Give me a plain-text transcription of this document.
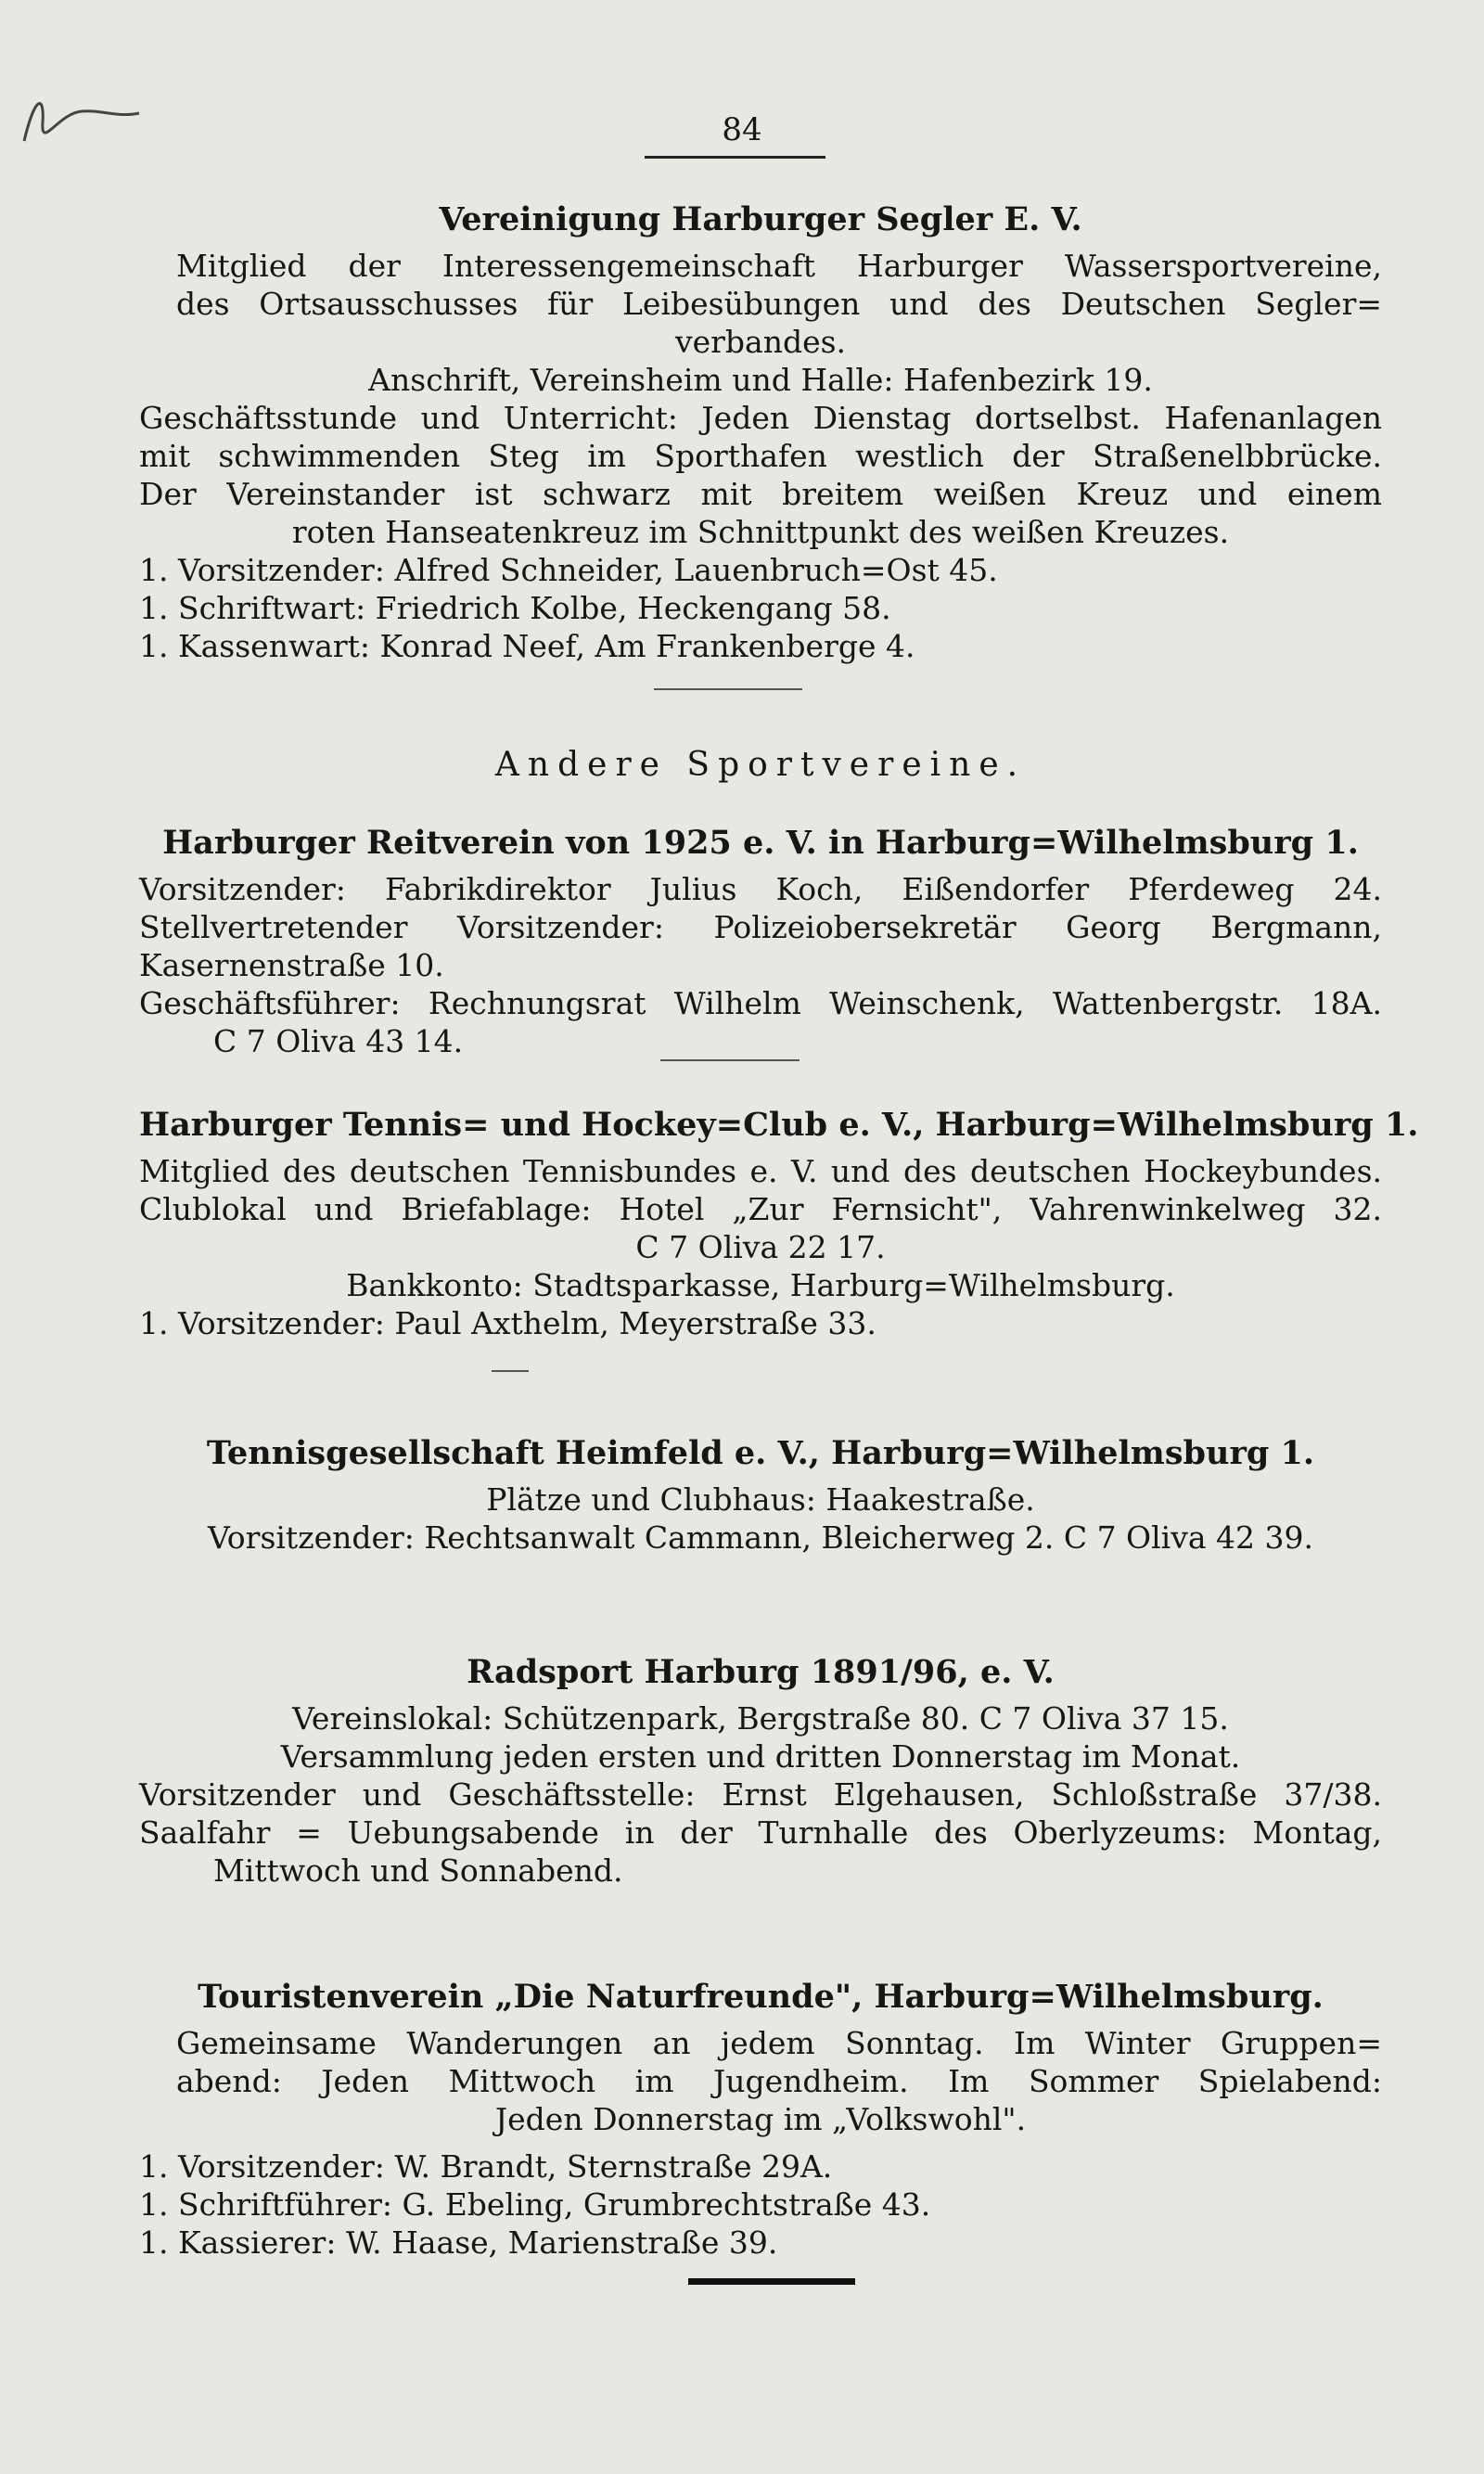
84
Vereinigung Harburger Segler E. V.
Mitglied der Interessengemeinschaft Harburger Wassersportvereine,
des Ortsausschusses für Leibesübungen und des Deutschen Segler=
verbandes.
Anschrift, Vereinsheim und Halle: Hafenbezirk 19.
Geschäftsstunde und Unterricht: Jeden Dienstag dortselbst. Hafenanlagen
mit schwimmenden Steg im Sporthafen westlich der Straßenelbbrücke.
Der Vereinstander ist schwarz mit breitem weißen Kreuz und einem
roten Hanseatenkreuz im Schnittpunkt des weißen Kreuzes.
1. Vorsitzender: Alfred Schneider, Lauenbruch=Ost 45.
1. Schriftwart: Friedrich Kolbe, Heckengang 58.
1. Kassenwart: Konrad Neef, Am Frankenberge 4.
Andere Sportvereine.
Harburger Reitverein von 1925 e. V. in Harburg=Wilhelmsburg 1.
Vorsitzender: Fabrikdirektor Julius Koch, Eißendorfer Pferdeweg 24.
Stellvertretender Vorsitzender: Polizeiobersekretär Georg Bergmann,
Kasernenstraße 10.
Geschäftsführer: Rechnungsrat Wilhelm Weinschenk, Wattenbergstr. 18A.
C 7 Oliva 43 14.
Harburger Tennis= und Hockey=Club e. V., Harburg=Wilhelmsburg 1.
Mitglied des deutschen Tennisbundes e. V. und des deutschen Hockeybundes.
Clublokal und Briefablage: Hotel „Zur Fernsicht", Vahrenwinkelweg 32.
C 7 Oliva 22 17.
Bankkonto: Stadtsparkasse, Harburg=Wilhelmsburg.
1. Vorsitzender: Paul Axthelm, Meyerstraße 33.
Tennisgesellschaft Heimfeld e. V., Harburg=Wilhelmsburg 1.
Plätze und Clubhaus: Haakestraße.
Vorsitzender: Rechtsanwalt Cammann, Bleicherweg 2. C 7 Oliva 42 39.
Radsport Harburg 1891/96, e. V.
Vereinslokal: Schützenpark, Bergstraße 80. C 7 Oliva 37 15.
Versammlung jeden ersten und dritten Donnerstag im Monat.
Vorsitzender und Geschäftsstelle: Ernst Elgehausen, Schloßstraße 37/38.
Saalfahr = Uebungsabende in der Turnhalle des Oberlyzeums: Montag,
Mittwoch und Sonnabend.
Touristenverein „Die Naturfreunde", Harburg=Wilhelmsburg.
Gemeinsame Wanderungen an jedem Sonntag. Im Winter Gruppen=
abend: Jeden Mittwoch im Jugendheim. Im Sommer Spielabend:
Jeden Donnerstag im „Volkswohl".
1. Vorsitzender: W. Brandt, Sternstraße 29A.
1. Schriftführer: G. Ebeling, Grumbrechtstraße 43.
1. Kassierer: W. Haase, Marienstraße 39.
